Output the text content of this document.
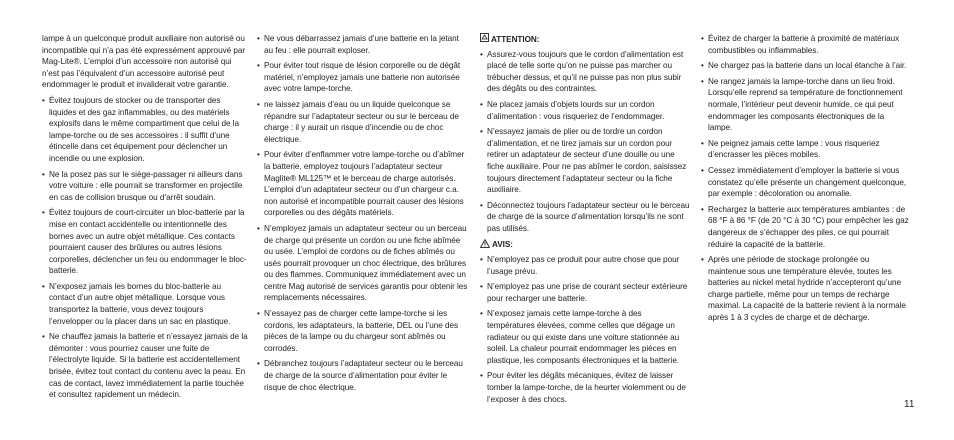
lampe à un quelconque produit auxiliaire non autorisé ou incompatible qui n’a pas été expressément approuvé par Mag-Lite®. L’emploi d’un accessoire non autorisé qui n’est pas l’équivalent d’un accessoire autorisé peut endommager le produit et invaliderait votre garantie.

• Évitez toujours de stocker ou de transporter des liquides et des gaz inflammables, ou des matériels explosifs dans le même compartiment que celui de la lampe-torche ou de ses accessoires : il suffit d’une étincelle dans cet équipement pour déclencher un incendie ou une explosion.

• Ne la posez pas sur le siège-passager ni ailleurs dans votre voiture : elle pourrait se transformer en projectile en cas de collision brusque ou d’arrêt soudain.

• Évitez toujours de court-circuiter un bloc-batterie par la mise en contact accidentelle ou intentionnelle des bornes avec un autre objet métallique. Ces contacts pourraient causer des brûlures ou autres lésions corporelles, déclencher un feu ou endommager le bloc-batterie.

• N’exposez jamais les bornes du bloc-batterie au contact d’un autre objet métallique. Lorsque vous transportez la batterie, vous devez toujours l’envelopper ou la placer dans un sac en plastique.

• Ne chauffez jamais la batterie et n’essayez jamais de la démonter : vous pourriez causer une fuite de l’électrolyte liquide. Si la batterie est accidentellement brisée, évitez tout contact du contenu avec la peau. En cas de contact, lavez immédiatement la partie touchée et consultez rapidement un médecin.

• Ne vous débarrassez jamais d’une batterie en la jetant au feu : elle pourrait exploser.

• Pour éviter tout risque de lésion corporelle ou de dégât matériel, n’employez jamais une batterie non autorisée avec votre lampe-torche.

• ne laissez jamais d’eau ou un liquide quelconque se répandre sur l’adaptateur secteur ou sur le berceau de charge : il y aurait un risque d’incendie ou de choc électrique.

• Pour éviter d’enflammer votre lampe-torche ou d’abîmer la batterie, employez toujours l’adaptateur secteur Maglite® ML125™ et le berceau de charge autorisés. L’emploi d’un adaptateur secteur ou d’un chargeur c.a. non autorisé et incompatible pourrait causer des lésions corporelles ou des dégâts matériels.

• N’employez jamais un adaptateur secteur ou un berceau de charge qui présente un cordon ou une fiche abîmée ou usée. L’emploi de cordons ou de fiches abîmés ou usés pourrait provoquer un choc électrique, des brûlures ou des flammes. Communiquez immédiatement avec un centre Mag autorisé de services garantis pour obtenir les remplacements nécessaires.

• N’essayez pas de charger cette lampe-torche si les cordons, les adaptateurs, la batterie, DEL ou l’une des pièces de la lampe ou du chargeur sont abîmés ou corrodés.

• Débranchez toujours l’adaptateur secteur ou le berceau de charge de la source d’alimentation pour éviter le risque de choc électrique.

ATTENTION:

• Assurez-vous toujours que le cordon d’alimentation est placé de telle sorte qu’on ne puisse pas marcher ou trébucher dessus, et qu’il ne puisse pas non plus subir des dégâts ou des contraintes.

• Ne placez jamais d’objets lourds sur un cordon d’alimentation : vous risqueriez de l’endommager.

• N’essayez jamais de plier ou de tordre un cordon d’alimentation, et ne tirez jamais sur un cordon pour retirer un adaptateur de secteur d’une douille ou une fiche auxiliaire. Pour ne pas abîmer le cordon, saisissez toujours directement l’adaptateur secteur ou la fiche auxiliaire.

• Déconnectez toujours l’adaptateur secteur ou le berceau de charge de la source d’alimentation lorsqu’ils ne sont pas utilisés.

AVIS:

• N’employez pas ce produit pour autre chose que pour l’usage prévu.

• N’employez pas une prise de courant secteur extérieure pour recharger une batterie.

• N’exposez jamais cette lampe-torche à des températures élevées, comme celles que dégage un radiateur ou qui existe dans une voiture stationnée au soleil. La chaleur pourrait endommager les pièces en plastique, les composants électroniques et la batterie.

• Pour éviter les dégâts mécaniques, évitez de laisser tomber la lampe-torche, de la heurter violemment ou de l’exposer à des chocs.

• Évitez de charger la batterie à proximité de matériaux combustibles ou inflammables.

• Ne chargez pas la batterie dans un local étanche à l’air.

• Ne rangez jamais la lampe-torche dans un lieu froid. Lorsqu’elle reprend sa température de fonctionnement normale, l’intérieur peut devenir humide, ce qui peut endommager les composants électroniques de la lampe.

• Ne peignez jamais cette lampe : vous risqueriez d’encrasser les pièces mobiles.

• Cessez immédiatement d’employer la batterie si vous constatez qu’elle présente un changement quelconque, par exemple : décoloration ou anomalie.

• Rechargez la batterie aux températures ambiantes : de 68 °F à 86 °F (de 20 °C à 30 °C) pour empêcher les gaz dangereux de s’échapper des piles, ce qui pourrait réduire la capacité de la batterie.

• Après une période de stockage prolongée ou maintenue sous une température élevée, toutes les batteries au nickel metal hydride n’accepteront qu’une charge partielle, même pour un temps de recharge maximal. La capacité de la batterie revient à la normale après 1 à 3 cycles de charge et de décharge.

11
